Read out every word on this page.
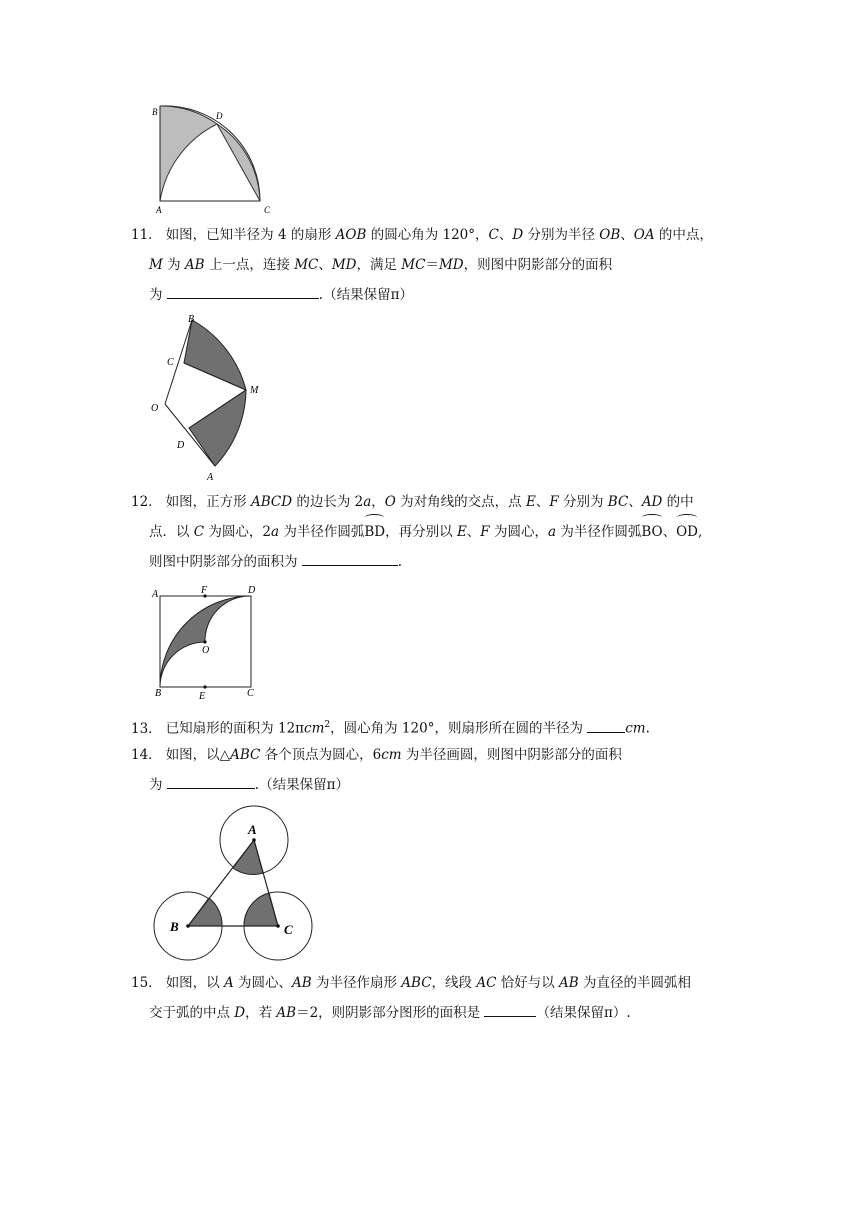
B	D
A	C
11． 如图，已知半径为 4 的扇形 AOB 的圆心角为 120°，C、D 分别为半径 OB、OA 的中点，
M 为 AB 上一点，连接 MC、MD，满足 MC＝MD，则图中阴影部分的面积
为	.（结果保留π）
B
C
O
M
D
A
12． 如图，正方形 ABCD 的边长为 2a，O 为对角线的交点，点 E、F 分别为 BC、AD 的中
点．以 C 为圆心，2a 为半径作圆弧BD，再分别以 E、F 为圆心，a 为半径作圆弧BO、OD,
则图中阴影部分的面积为	.
A	F	D
O
B	E	C
13． 已知扇形的面积为 12πcm$^2$，圆心角为 120°，则扇形所在圆的半径为	cm.
14． 如图，以△ABC 各个顶点为圆心，6cm 为半径画圆，则图中阴影部分的面积
为	.（结果保留π）
A
B	C
15． 如图，以 A 为圆心、AB 为半径作扇形 ABC，线段 AC 恰好与以 AB 为直径的半圆弧相
交于弧的中点 D，若 AB＝2，则阴影部分图形的面积是	（结果保留π）.
